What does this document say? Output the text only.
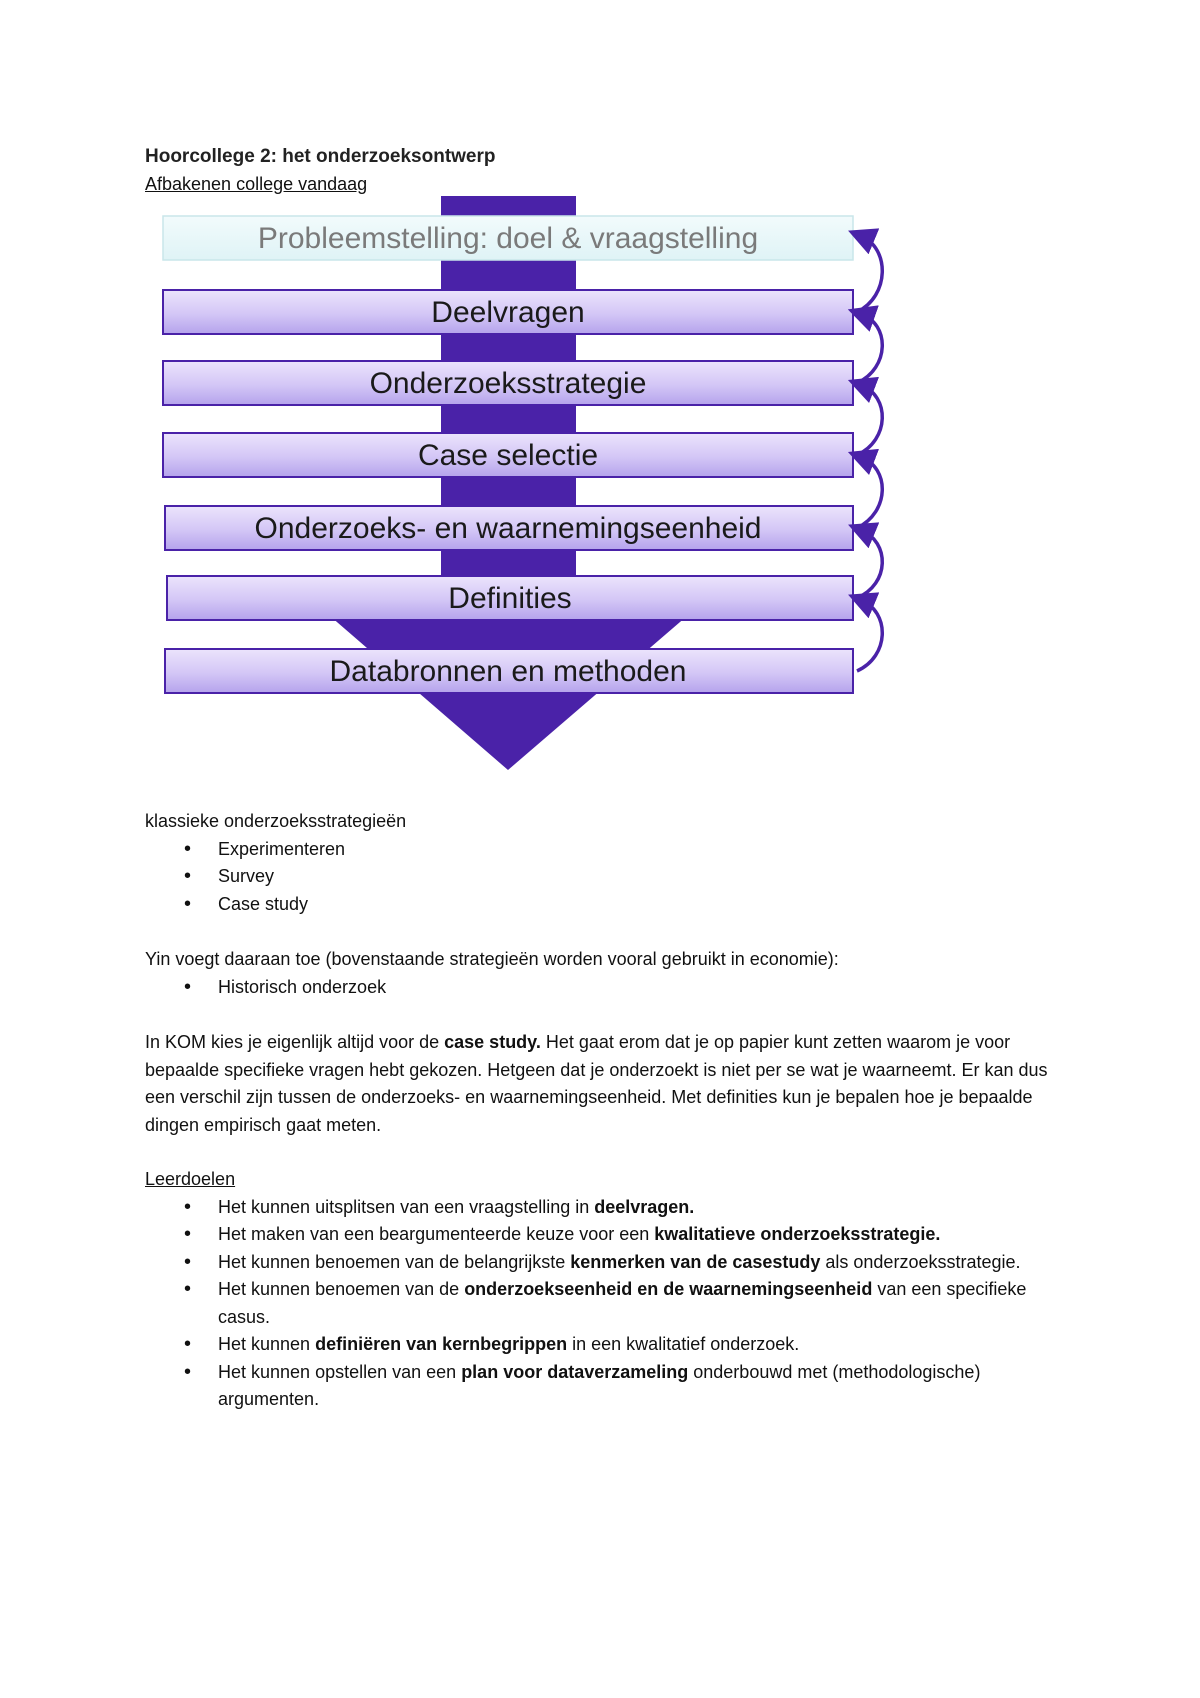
Hoorcollege 2: het onderzoeksontwerp
Afbakenen college vandaag
Probleemstelling: doel & vraagstelling
Deelvragen
Onderzoeksstrategie
Case selectie
Onderzoeks- en waarnemingseenheid
Definities
Databronnen en methoden

klassieke onderzoeksstrategieën

• Experimenteren
• Survey
• Case study

Yin voegt daaraan toe (bovenstaande strategieën worden vooral gebruikt in economie):

• Historisch onderzoek

In KOM kies je eigenlijk altijd voor de case study. Het gaat erom dat je op papier kunt zetten waarom je voor bepaalde specifieke vragen hebt gekozen. Hetgeen dat je onderzoekt is niet per se wat je waarneemt. Er kan dus een verschil zijn tussen de onderzoeks- en waarnemingseenheid. Met definities kun je bepalen hoe je bepaalde dingen empirisch gaat meten.

Leerdoelen

• Het kunnen uitsplitsen van een vraagstelling in deelvragen.
• Het maken van een beargumenteerde keuze voor een kwalitatieve onderzoeksstrategie.
• Het kunnen benoemen van de belangrijkste kenmerken van de casestudy als onderzoeksstrategie.
• Het kunnen benoemen van de onderzoekseenheid en de waarnemingseenheid van een specifieke casus.
• Het kunnen definiëren van kernbegrippen in een kwalitatief onderzoek.
• Het kunnen opstellen van een plan voor dataverzameling onderbouwd met (methodologische) argumenten.
